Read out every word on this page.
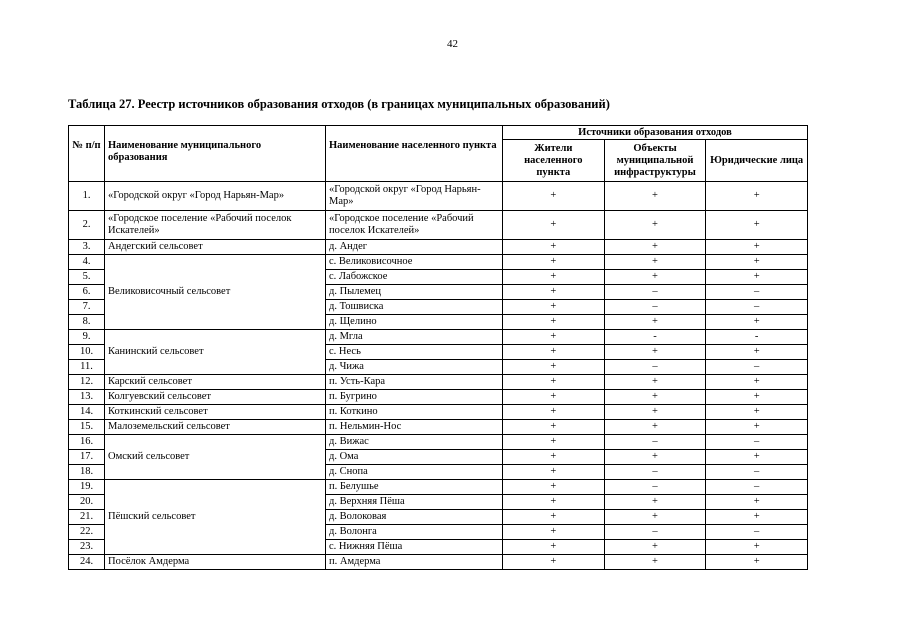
42
Таблица 27. Реестр источников образования отходов (в границах муниципальных образований)
№ п/п	Наименование муниципального образования	Наименование населенного пункта	Источники образования отходов		
			Жители населенного пункта	Объекты муниципальной инфраструктуры	Юридические лица
1.	«Городской округ «Город Нарьян-Мар»	«Городской округ «Город Нарьян-Мар»	+	+	+
2.	«Городское поселение «Рабочий поселок Искателей»	«Городское поселение «Рабочий поселок Искателей»	+	+	+
3.	Андегский сельсовет	д. Андег	+	+	+
4.	Великовисочный сельсовет	с. Великовисочное	+	+	+
5.		с. Лабожское	+	+	+
6.		д. Пылемец	+	–	–
7.		д. Тошвиска	+	–	–
8.		д. Щелино	+	+	+
9.	Канинский сельсовет	д. Мгла	+	-	-
10.		с. Несь	+	+	+
11.		д. Чижа	+	–	–
12.	Карский сельсовет	п. Усть-Кара	+	+	+
13.	Колгуевский сельсовет	п. Бугрино	+	+	+
14.	Коткинский сельсовет	п. Коткино	+	+	+
15.	Малоземельский сельсовет	п. Нельмин-Нос	+	+	+
16.	Омский сельсовет	д. Вижас	+	–	–
17.		д. Ома	+	+	+
18.		д. Снопа	+	–	–
19.	Пёшский сельсовет	п. Белушье	+	–	–
20.		д. Верхняя Пёша	+	+	+
21.		д. Волоковая	+	+	+
22.		д. Волонга	+	–	–
23.		с. Нижняя Пёша	+	+	+
24.	Посёлок Амдерма	п. Амдерма	+	+	+
